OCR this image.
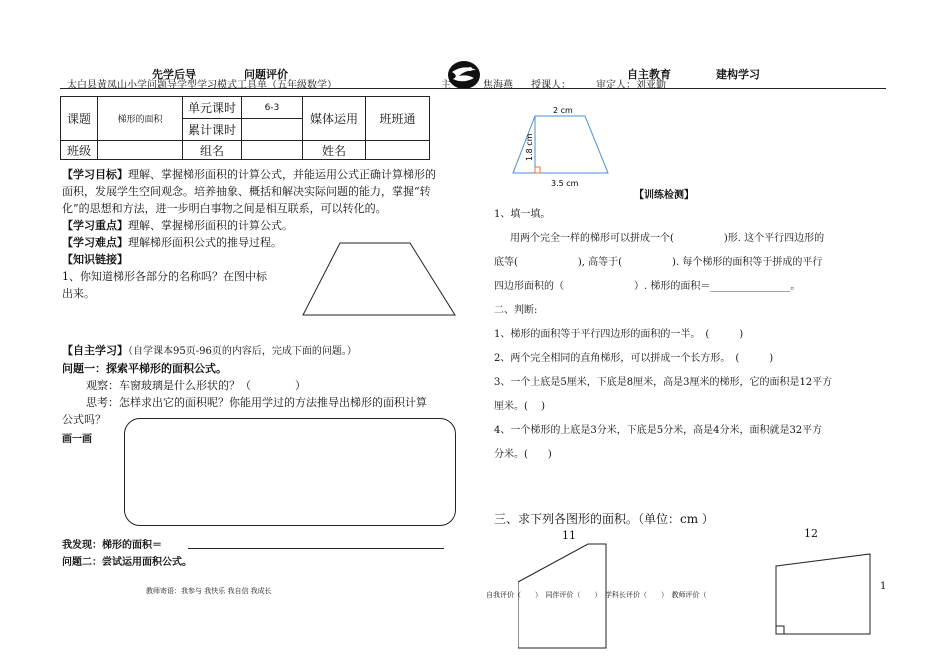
先学后导	问题评价	自主教育	建构学习
太白县黄凤山小学问题导学型学习模式工具单（五年级数学）	主	焦海燕 授课人：	审定人：刘亚勤
课题	梯形的面积	单元课时	6-3	媒体运用	班班通
		累计课时			
班级		组名		姓名	

【学习目标】理解、掌握梯形面积的计算公式，并能运用公式正确计算梯形的

面积，发展学生空间观念。培养抽象、概括和解决实际问题的能力，掌握“转

化”的思想和方法，进一步明白事物之间是相互联系，可以转化的。

【学习重点】理解、掌握梯形面积的计算公式。

【学习难点】理解梯形面积公式的推导过程。

【知识链接】

1、你知道梯形各部分的名称吗？在图中标

出来。

【自主学习】（自学课本95页-96页的内容后，完成下面的问题。）

问题一：探索平梯形的面积公式。

观察：车窗玻璃是什么形状的？（　　　　）

思考：怎样求出它的面积呢？你能用学过的方法推导出梯形的面积计算

公式吗？

画一画
我发现：梯形的面积＝
问题二：尝试运用面积公式。
教师寄语：我参与 我快乐 我自信 我成长
2 cm
1.8 cm
3.5 cm
【训练检测】

1、填一填。

用两个完全一样的梯形可以拼成一个(　　　　　)形. 这个平行四边形的

底等(　　　　　　), 高等于(　　　　　). 每个梯形的面积等于拼成的平行

四边形面积的（　　　　　　　）. 梯形的面积＝________________。

二、判断:

1、梯形的面积等于平行四边形的面积的一半。　(　　　)

2、两个完全相同的直角梯形，可以拼成一个长方形。　(　　　)

3、一个上底是5厘米，下底是8厘米，高是3厘米的梯形，它的面积是12平方

厘米。(　 )

4、一个梯形的上底是3分米，下底是5分米，高是4分米，面积就是32平方

分米。(　　)

三、求下列各图形的面积。（单位：cm ）
11	12
1
自我评价（　　）　同伴评价（　　）　学科长评价（　　）　教师评价（
